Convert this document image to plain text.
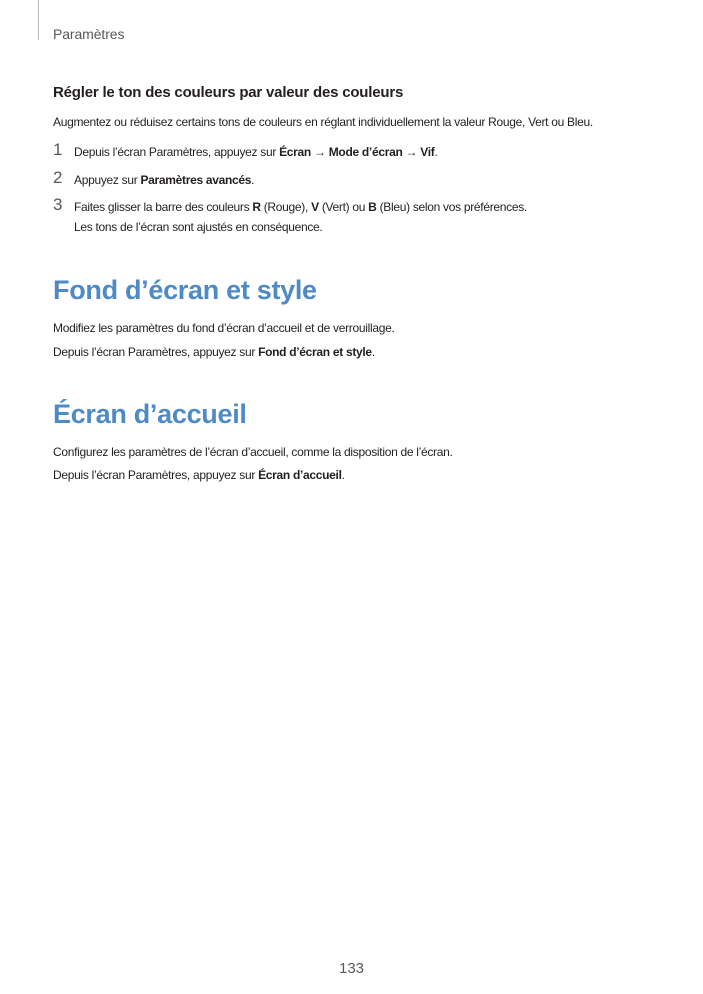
Paramètres
Régler le ton des couleurs par valeur des couleurs
Augmentez ou réduisez certains tons de couleurs en réglant individuellement la valeur Rouge, Vert ou Bleu.
1 Depuis l’écran Paramètres, appuyez sur Écran → Mode d’écran → Vif.
2 Appuyez sur Paramètres avancés.
3 Faites glisser la barre des couleurs R (Rouge), V (Vert) ou B (Bleu) selon vos préférences.
Les tons de l’écran sont ajustés en conséquence.
Fond d’écran et style
Modifiez les paramètres du fond d’écran d’accueil et de verrouillage.
Depuis l’écran Paramètres, appuyez sur Fond d’écran et style.
Écran d’accueil
Configurez les paramètres de l’écran d’accueil, comme la disposition de l’écran.
Depuis l’écran Paramètres, appuyez sur Écran d’accueil.
133
